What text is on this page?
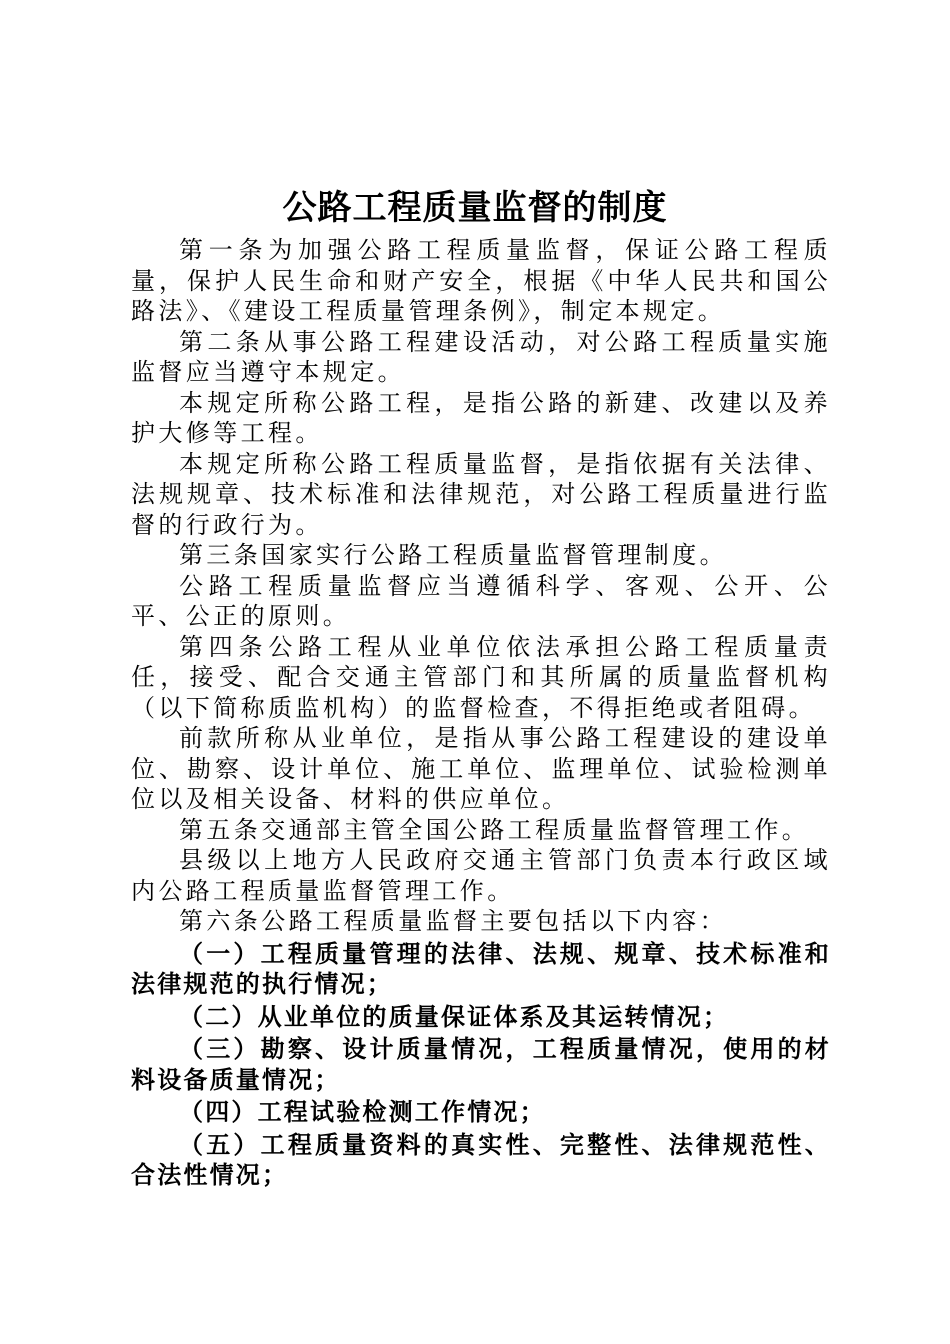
公路工程质量监督的制度

第一条为加强公路工程质量监督，保证公路工程质量，保护人民生命和财产安全，根据《中华人民共和国公路法》、《建设工程质量管理条例》，制定本规定。

第二条从事公路工程建设活动，对公路工程质量实施监督应当遵守本规定。

本规定所称公路工程，是指公路的新建、改建以及养护大修等工程。

本规定所称公路工程质量监督，是指依据有关法律、法规规章、技术标准和法律规范，对公路工程质量进行监督的行政行为。

第三条国家实行公路工程质量监督管理制度。

公路工程质量监督应当遵循科学、客观、公开、公平、公正的原则。

第四条公路工程从业单位依法承担公路工程质量责任，接受、配合交通主管部门和其所属的质量监督机构（以下简称质监机构）的监督检查，不得拒绝或者阻碍。

前款所称从业单位，是指从事公路工程建设的建设单位、勘察、设计单位、施工单位、监理单位、试验检测单位以及相关设备、材料的供应单位。

第五条交通部主管全国公路工程质量监督管理工作。

县级以上地方人民政府交通主管部门负责本行政区域内公路工程质量监督管理工作。

第六条公路工程质量监督主要包括以下内容：

（一）工程质量管理的法律、法规、规章、技术标准和法律规范的执行情况；

（二）从业单位的质量保证体系及其运转情况；

（三）勘察、设计质量情况，工程质量情况，使用的材料设备质量情况；

（四）工程试验检测工作情况；

（五）工程质量资料的真实性、完整性、法律规范性、合法性情况；
